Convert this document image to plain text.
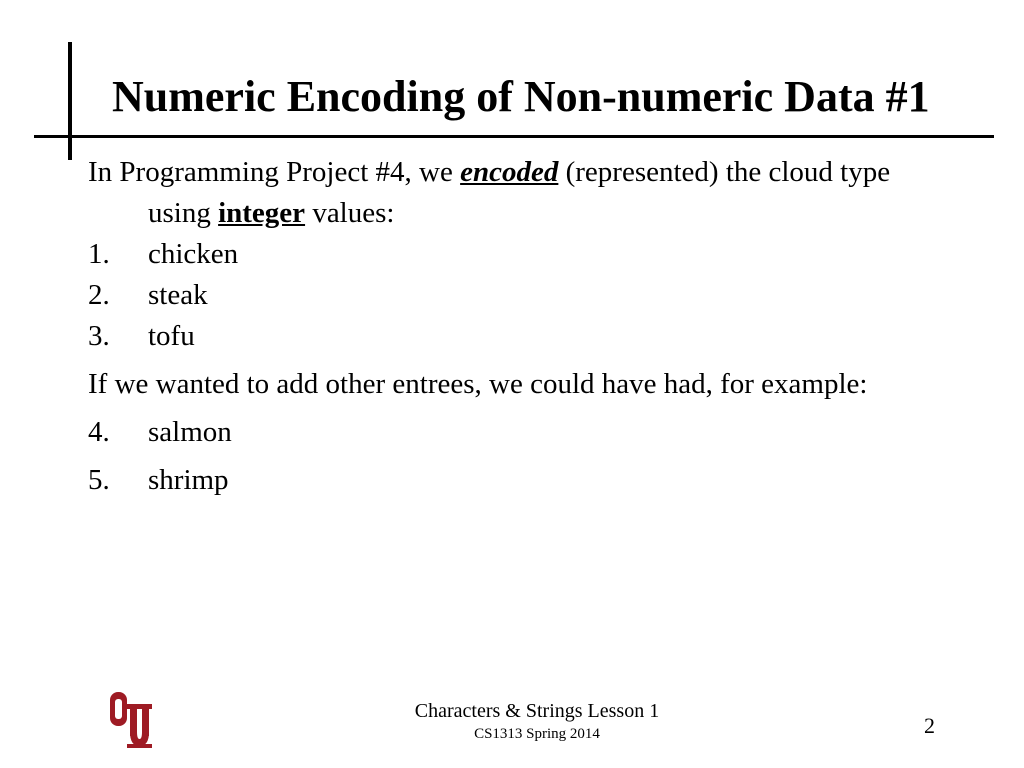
Numeric Encoding of Non-numeric Data #1

In Programming Project #4, we encoded (represented) the cloud type using integer values:

1. chicken
2. steak
3. tofu

If we wanted to add other entrees, we could have had, for example:

4. salmon
5. shrimp
Characters & Strings Lesson 1
CS1313 Spring 2014	2
